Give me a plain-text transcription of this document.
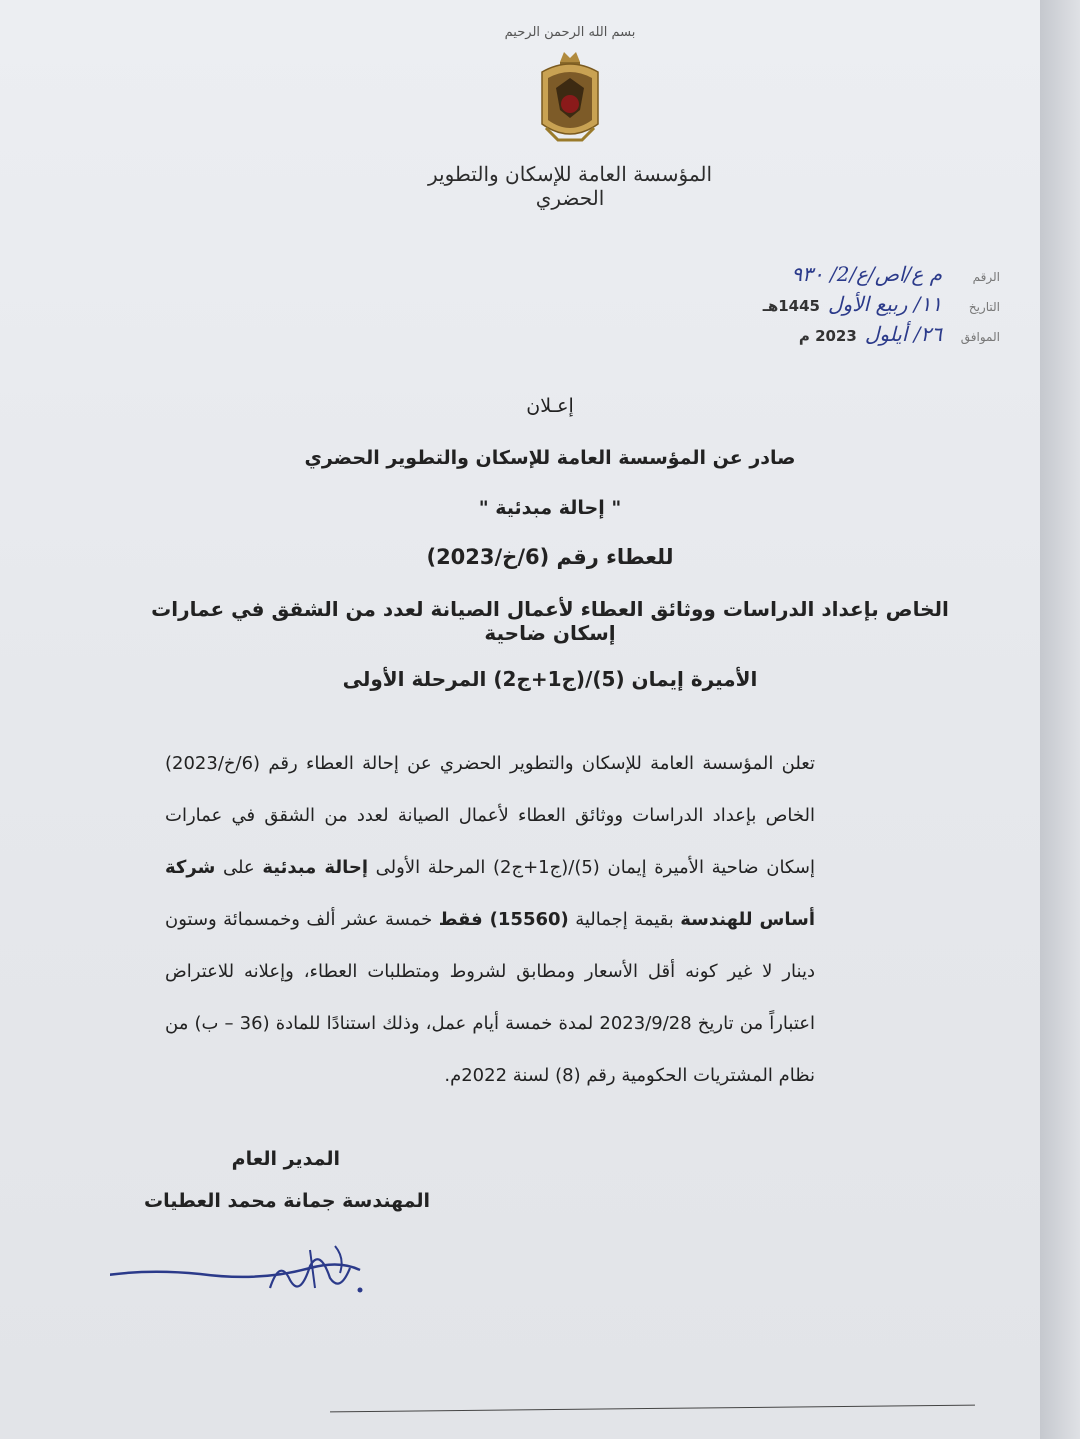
بسم الله الرحمن الرحيم
المؤسسة العامة للإسكان والتطوير الحضري
الرقم
م ع/اص/ع/2/ ٩٣٠
التاريخ
١١/ ربيع الأول
1445هـ
الموافق
٢٦/ أيلول
2023 م
إعـلان
صادر عن المؤسسة العامة للإسكان والتطوير الحضري
" إحالة مبدئية "
للعطاء رقم (6/خ/2023)
الخاص بإعداد الدراسات ووثائق العطاء لأعمال الصيانة لعدد من الشقق في عمارات إسكان ضاحية
الأميرة إيمان (5)/(ج1+ج2) المرحلة الأولى
تعلن المؤسسة العامة للإسكان والتطوير الحضري عن إحالة العطاء رقم (6/خ/2023) الخاص بإعداد الدراسات ووثائق العطاء لأعمال الصيانة لعدد من الشقق في عمارات إسكان ضاحية الأميرة إيمان (5)/(ج1+ج2) المرحلة الأولى إحالة مبدئية على شركة أساس للهندسة بقيمة إجمالية (15560) فقط خمسة عشر ألف وخمسمائة وستون دينار لا غير كونه أقل الأسعار ومطابق لشروط ومتطلبات العطاء، وإعلانه للاعتراض اعتباراً من تاريخ 2023/9/28 لمدة خمسة أيام عمل، وذلك استنادًا للمادة (36 – ب) من نظام المشتريات الحكومية رقم (8) لسنة 2022م.
المدير العام
المهندسة جمانة محمد العطيات
